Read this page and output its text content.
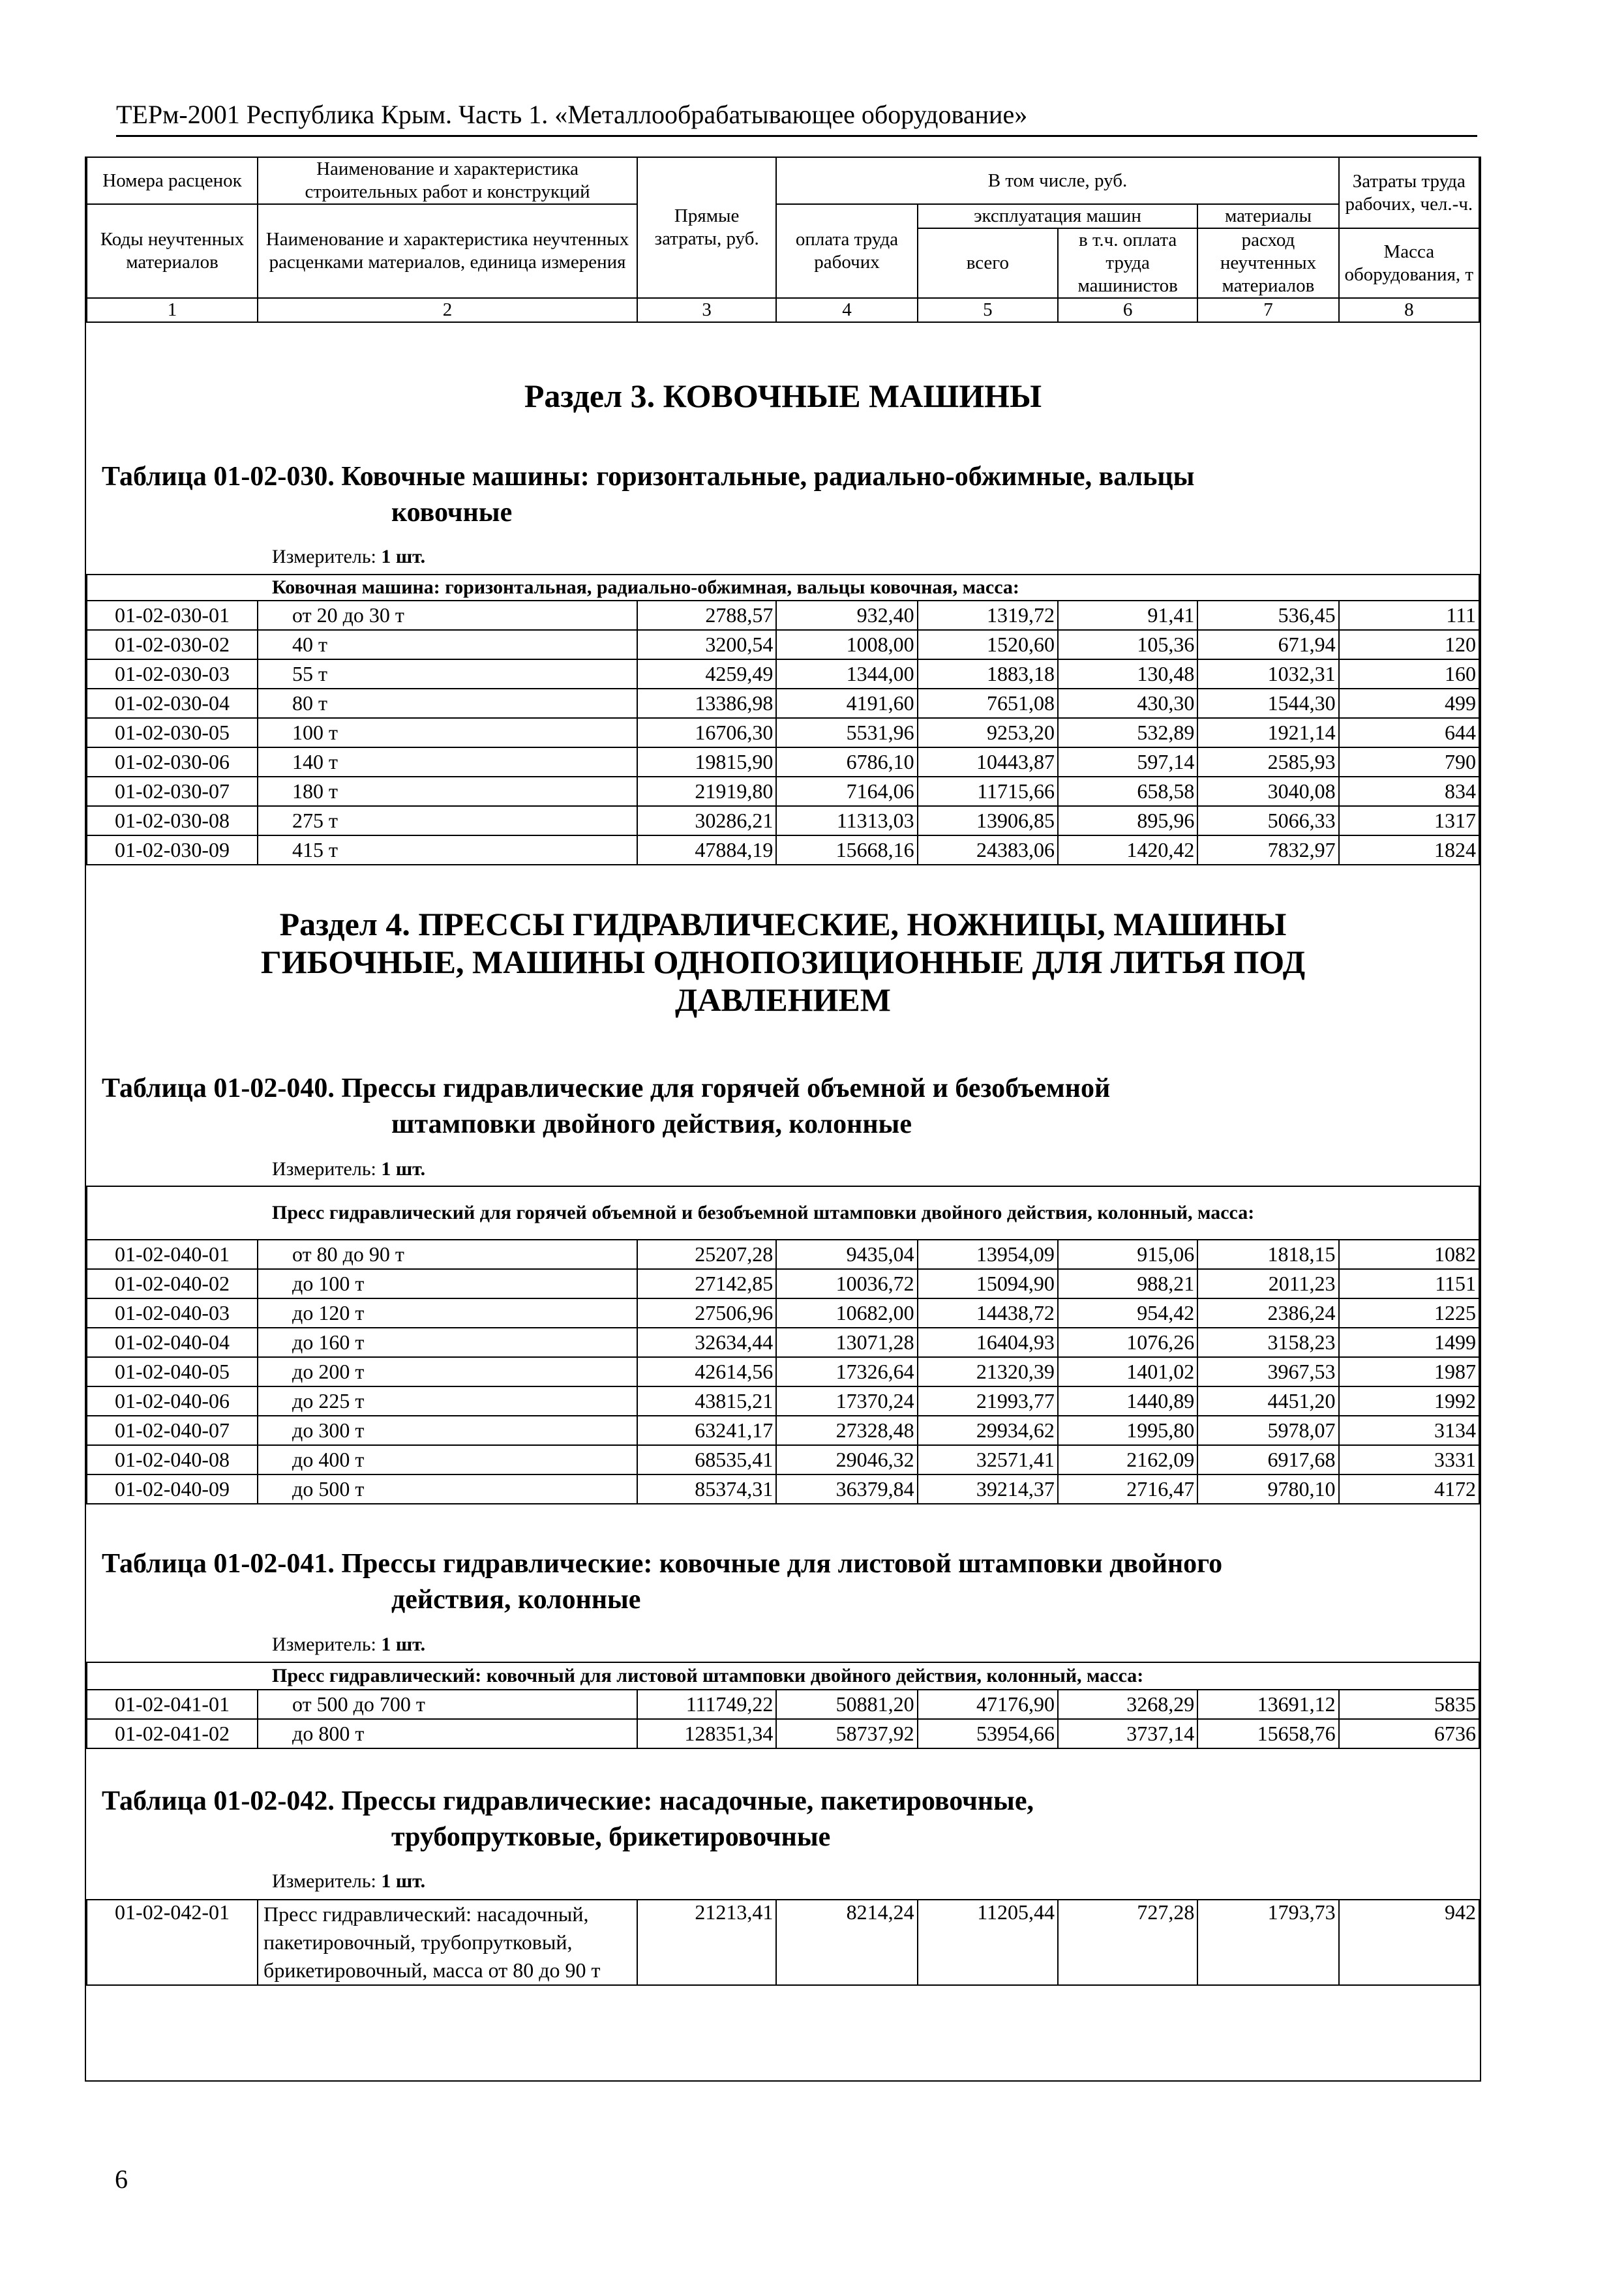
ТЕРм-2001 Республика Крым. Часть 1. «Металлообрабатывающее оборудование»
Номера расценок	Наименование и характеристика строительных работ и конструкций	Прямые затраты, руб.	В том числе, руб.				Затраты труда рабочих, чел.-ч.
Коды неучтенных материалов	Наименование и характеристика неучтенных расценками материалов, единица измерения		оплата труда рабочих	эксплуатация машин		материалы	
				всего	в т.ч. оплата труда машинистов	расход неучтенных материалов	Масса оборудования, т
1	2	3	4	5	6	7	8
Раздел 3. КОВОЧНЫЕ МАШИНЫ
Таблица 01-02-030. Ковочные машины: горизонтальные, радиально-обжимные, вальцы
ковочные
Измеритель: 1 шт.
Ковочная машина: горизонтальная, радиально-обжимная, вальцы ковочная, масса:							
01-02-030-01	от 20 до 30 т	2788,57	932,40	1319,72	91,41	536,45	111
01-02-030-02	40 т	3200,54	1008,00	1520,60	105,36	671,94	120
01-02-030-03	55 т	4259,49	1344,00	1883,18	130,48	1032,31	160
01-02-030-04	80 т	13386,98	4191,60	7651,08	430,30	1544,30	499
01-02-030-05	100 т	16706,30	5531,96	9253,20	532,89	1921,14	644
01-02-030-06	140 т	19815,90	6786,10	10443,87	597,14	2585,93	790
01-02-030-07	180 т	21919,80	7164,06	11715,66	658,58	3040,08	834
01-02-030-08	275 т	30286,21	11313,03	13906,85	895,96	5066,33	1317
01-02-030-09	415 т	47884,19	15668,16	24383,06	1420,42	7832,97	1824
Раздел 4. ПРЕССЫ ГИДРАВЛИЧЕСКИЕ, НОЖНИЦЫ, МАШИНЫ
ГИБОЧНЫЕ, МАШИНЫ ОДНОПОЗИЦИОННЫЕ ДЛЯ ЛИТЬЯ ПОД
ДАВЛЕНИЕМ
Таблица 01-02-040. Прессы гидравлические для горячей объемной и безобъемной
штамповки двойного действия, колонные
Измеритель: 1 шт.
Пресс гидравлический для горячей объемной и безобъемной штамповки двойного действия, колонный, масса:							
01-02-040-01	от 80 до 90 т	25207,28	9435,04	13954,09	915,06	1818,15	1082
01-02-040-02	до 100 т	27142,85	10036,72	15094,90	988,21	2011,23	1151
01-02-040-03	до 120 т	27506,96	10682,00	14438,72	954,42	2386,24	1225
01-02-040-04	до 160 т	32634,44	13071,28	16404,93	1076,26	3158,23	1499
01-02-040-05	до 200 т	42614,56	17326,64	21320,39	1401,02	3967,53	1987
01-02-040-06	до 225 т	43815,21	17370,24	21993,77	1440,89	4451,20	1992
01-02-040-07	до 300 т	63241,17	27328,48	29934,62	1995,80	5978,07	3134
01-02-040-08	до 400 т	68535,41	29046,32	32571,41	2162,09	6917,68	3331
01-02-040-09	до 500 т	85374,31	36379,84	39214,37	2716,47	9780,10	4172
Таблица 01-02-041. Прессы гидравлические: ковочные для листовой штамповки двойного
действия, колонные
Измеритель: 1 шт.
Пресс гидравлический: ковочный для листовой штамповки двойного действия, колонный, масса:							
01-02-041-01	от 500 до 700 т	111749,22	50881,20	47176,90	3268,29	13691,12	5835
01-02-041-02	до 800 т	128351,34	58737,92	53954,66	3737,14	15658,76	6736
Таблица 01-02-042. Прессы гидравлические: насадочные, пакетировочные,
трубопрутковые, брикетировочные
Измеритель: 1 шт.
01-02-042-01	Пресс гидравлический: насадочный, пакетировочный, трубопрутковый, брикетировочный, масса от 80 до 90 т	21213,41	8214,24	11205,44	727,28	1793,73	942
6
